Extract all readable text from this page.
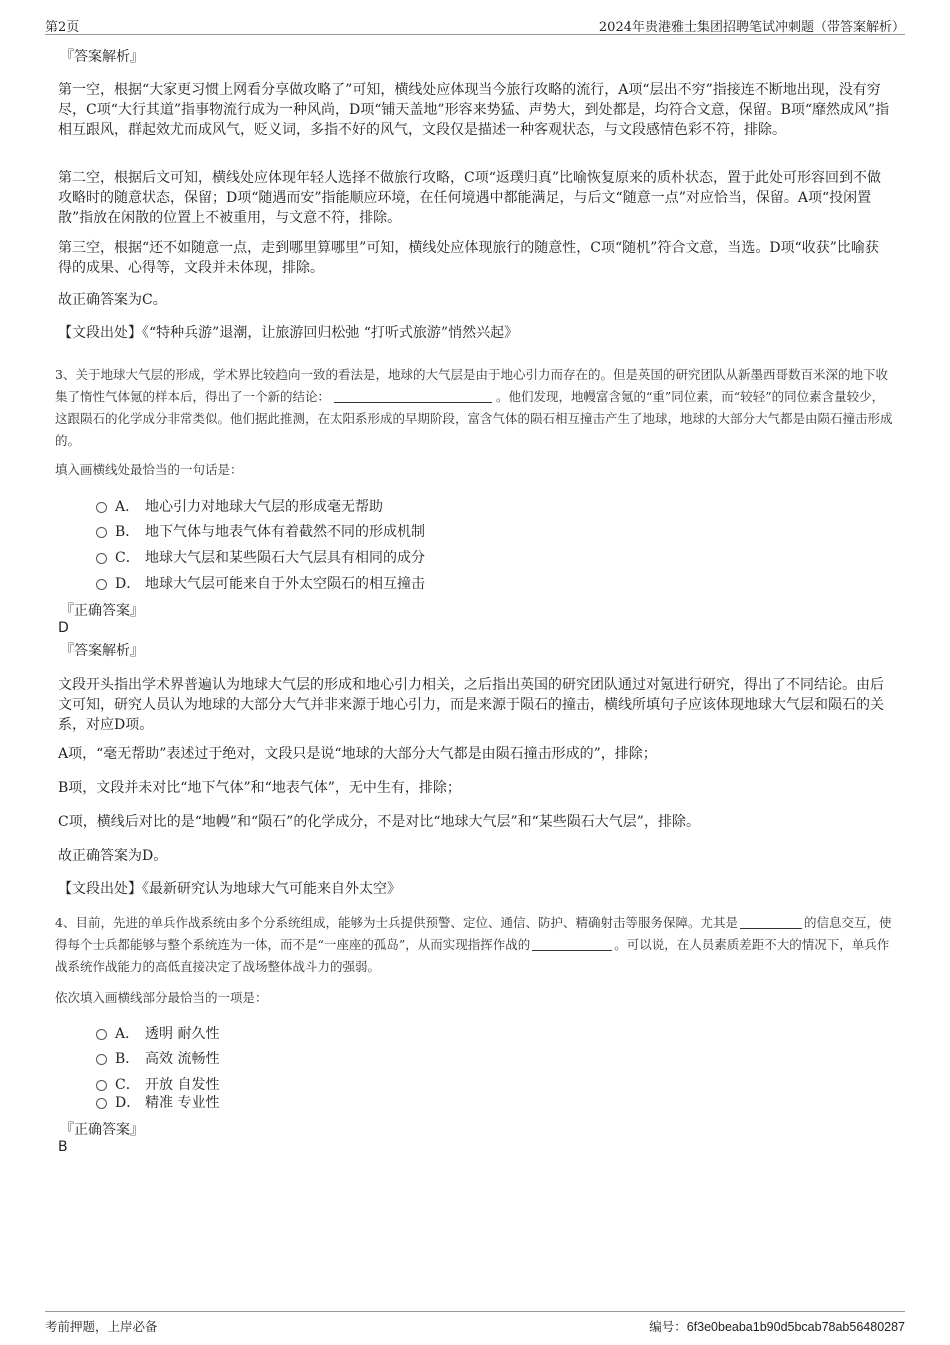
第2页	2024年贵港雅士集团招聘笔试冲刺题（带答案解析）
『答案解析』
第一空，根据“大家更习惯上网看分享做攻略了”可知，横线处应体现当今旅行攻略的流行，A项“层出不穷”指接连不断地出现，没有穷尽，C项“大行其道”指事物流行成为一种风尚，D项“铺天盖地”形容来势猛、声势大，到处都是，均符合文意，保留。B项“靡然成风”指相互跟风，群起效尤而成风气，贬义词，多指不好的风气，文段仅是描述一种客观状态，与文段感情色彩不符，排除。
第二空，根据后文可知，横线处应体现年轻人选择不做旅行攻略，C项“返璞归真”比喻恢复原来的质朴状态，置于此处可形容回到不做攻略时的随意状态，保留；D项“随遇而安”指能顺应环境，在任何境遇中都能满足，与后文“随意一点”对应恰当，保留。A项“投闲置散”指放在闲散的位置上不被重用，与文意不符，排除。
第三空，根据“还不如随意一点，走到哪里算哪里”可知，横线处应体现旅行的随意性，C项“随机”符合文意，当选。D项“收获”比喻获得的成果、心得等，文段并未体现，排除。
故正确答案为C。
【文段出处】《“特种兵游”退潮，让旅游回归松弛 “打听式旅游”悄然兴起》
3、关于地球大气层的形成，学术界比较趋向一致的看法是，地球的大气层是由于地心引力而存在的。但是英国的研究团队从新墨西哥数百米深的地下收集了惰性气体氪的样本后，得出了一个新的结论：	。他们发现，地幔富含氪的“重”同位素，而“较轻”的同位素含量较少，这跟陨石的化学成分非常类似。他们据此推测，在太阳系形成的早期阶段，富含气体的陨石相互撞击产生了地球，地球的大部分大气都是由陨石撞击形成的。
填入画横线处最恰当的一句话是：
A． 地心引力对地球大气层的形成毫无帮助
B． 地下气体与地表气体有着截然不同的形成机制
C． 地球大气层和某些陨石大气层具有相同的成分
D． 地球大气层可能来自于外太空陨石的相互撞击
『正确答案』
D
『答案解析』
文段开头指出学术界普遍认为地球大气层的形成和地心引力相关，之后指出英国的研究团队通过对氪进行研究，得出了不同结论。由后文可知，研究人员认为地球的大部分大气并非来源于地心引力，而是来源于陨石的撞击，横线所填句子应该体现地球大气层和陨石的关系，对应D项。
A项，“毫无帮助”表述过于绝对，文段只是说“地球的大部分大气都是由陨石撞击形成的”，排除；
B项，文段并未对比“地下气体”和“地表气体”，无中生有，排除；
C项，横线后对比的是“地幔”和“陨石”的化学成分，不是对比“地球大气层”和“某些陨石大气层”，排除。
故正确答案为D。
【文段出处】《最新研究认为地球大气可能来自外太空》
4、目前，先进的单兵作战系统由多个分系统组成，能够为士兵提供预警、定位、通信、防护、精确射击等服务保障。尤其是	的信息交互，使得每个士兵都能够与整个系统连为一体，而不是“一座座的孤岛”，从而实现指挥作战的	。可以说，在人员素质差距不大的情况下，单兵作战系统作战能力的高低直接决定了战场整体战斗力的强弱。
依次填入画横线部分最恰当的一项是：
A． 透明 耐久性
B． 高效 流畅性
C． 开放 自发性
D． 精准 专业性
『正确答案』
B
考前押题，上岸必备	编号：6f3e0beaba1b90d5bcab78ab56480287
